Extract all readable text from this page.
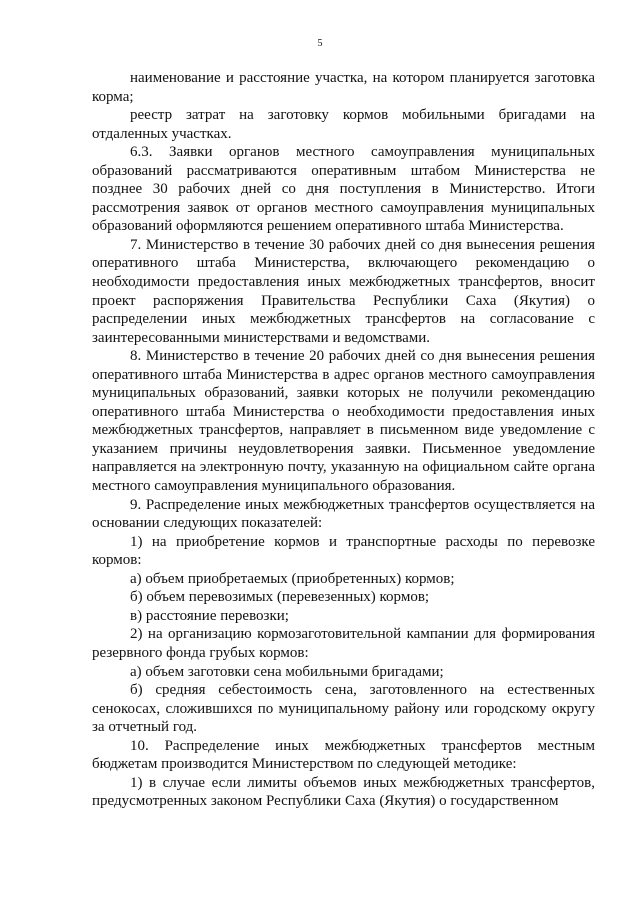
5

наименование и расстояние участка, на котором планируется заготовка корма;

реестр затрат на заготовку кормов мобильными бригадами на отдаленных участках.

6.3. Заявки органов местного самоуправления муниципальных образований рассматриваются оперативным штабом Министерства не позднее 30 рабочих дней со дня поступления в Министерство. Итоги рассмотрения заявок от органов местного самоуправления муниципальных образований оформляются решением оперативного штаба Министерства.

7. Министерство в течение 30 рабочих дней со дня вынесения решения оперативного штаба Министерства, включающего рекомендацию о необходимости предоставления иных межбюджетных трансфертов, вносит проект распоряжения Правительства Республики Саха (Якутия) о распределении иных межбюджетных трансфертов на согласование с заинтересованными министерствами и ведомствами.

8. Министерство в течение 20 рабочих дней со дня вынесения решения оперативного штаба Министерства в адрес органов местного самоуправления муниципальных образований, заявки которых не получили рекомендацию оперативного штаба Министерства о необходимости предоставления иных межбюджетных трансфертов, направляет в письменном виде уведомление с указанием причины неудовлетворения заявки. Письменное уведомление направляется на электронную почту, указанную на официальном сайте органа местного самоуправления муниципального образования.

9. Распределение иных межбюджетных трансфертов осуществляется на основании следующих показателей:

1) на приобретение кормов и транспортные расходы по перевозке кормов:

а) объем приобретаемых (приобретенных) кормов;

б) объем перевозимых (перевезенных) кормов;

в) расстояние перевозки;

2) на организацию кормозаготовительной кампании для формирования резервного фонда грубых кормов:

а) объем заготовки сена мобильными бригадами;

б) средняя себестоимость сена, заготовленного на естественных сенокосах, сложившихся по муниципальному району или городскому округу за отчетный год.

10. Распределение иных межбюджетных трансфертов местным бюджетам производится Министерством по следующей методике:

1) в случае если лимиты объемов иных межбюджетных трансфертов, предусмотренных законом Республики Саха (Якутия) о государственном
